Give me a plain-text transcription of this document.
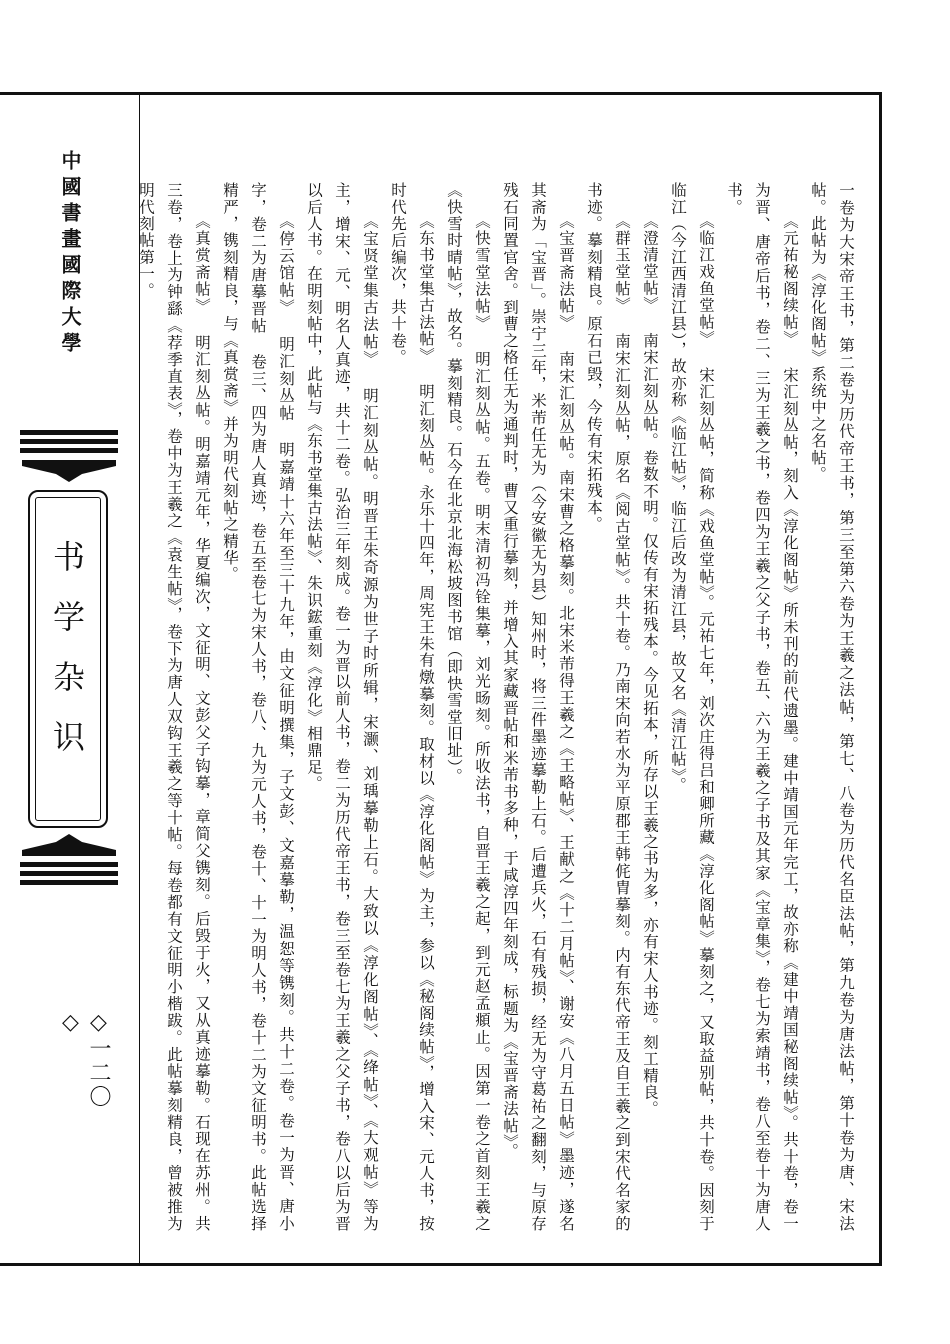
中國書畫國際大學
书学杂识
◇一二〇◇	一卷为大宋帝王书，第二卷为历代帝王书，第三至第六卷为王羲之法帖，第七、八卷为历代名臣法帖，第九卷为唐法帖，第十卷为唐、宋法帖。此帖为《淳化阁帖》系统中之名帖。

《元祐秘阁续帖》 宋汇刻丛帖，刻入《淳化阁帖》所未刊的前代遗墨。建中靖国元年完工，故亦称《建中靖国秘阁续帖》。共十卷，卷一为晋、唐帝后书，卷二、三为王羲之书，卷四为王羲之父子书，卷五、六为王羲之子书及其家《宝章集》，卷七为索靖书，卷八至卷十为唐人书。

《临江戏鱼堂帖》 宋汇刻丛帖，简称《戏鱼堂帖》。元祐七年，刘次庄得吕和卿所藏《淳化阁帖》摹刻之，又取益别帖，共十卷。因刻于临江（今江西清江县），故亦称《临江帖》，临江后改为清江县，故又名《清江帖》。

《澄清堂帖》 南宋汇刻丛帖。卷数不明。仅传有宋拓残本。今见拓本，所存以王羲之书为多，亦有宋人书迹。刻工精良。

《群玉堂帖》 南宋汇刻丛帖，原名《阅古堂帖》。共十卷。乃南宋向若水为平原郡王韩侂胄摹刻。内有东代帝王及自王羲之到宋代名家的书迹。摹刻精良。原石已毁，今传有宋拓残本。

《宝晋斋法帖》 南宋汇刻丛帖。南宋曹之格摹刻。北宋米芾得王羲之《王略帖》、王献之《十二月帖》、谢安《八月五日帖》墨迹，遂名其斋为「宝晋」。崇宁三年，米芾任无为（今安徽无为县）知州时，将三件墨迹摹勒上石。后遭兵火，石有残损，经无为守葛祐之翻刻，与原存残石同置官舍。到曹之格任无为通判时，曹又重行摹刻，并增入其家藏晋帖和米芾书多种，于咸淳四年刻成，标题为《宝晋斋法帖》。

《快雪堂法帖》 明汇刻丛帖。五卷。明末清初冯铨集摹，刘光旸刻。所收法书，自晋王羲之起，到元赵孟頫止。因第一卷之首刻王羲之《快雪时晴帖》，故名。摹刻精良。石今在北京北海松坡图书馆（即快雪堂旧址）。

《东书堂集古法帖》 明汇刻丛帖。永乐十四年，周宪王朱有燉摹刻。取材以《淳化阁帖》为主，参以《秘阁续帖》，增入宋、元人书，按时代先后编次，共十卷。

《宝贤堂集古法帖》 明汇刻丛帖。明晋王朱奇源为世子时所辑，宋灏、刘瑀摹勒上石。大致以《淳化阁帖》、《绛帖》、《大观帖》等为主，增宋、元、明名人真迹，共十二卷。弘治三年刻成。卷一为晋以前人书，卷二为历代帝王书，卷三至卷七为王羲之父子书，卷八以后为晋以后人书。在明刻帖中，此帖与《东书堂集古法帖》、朱识鋐重刻《淳化》相鼎足。

《停云馆帖》 明汇刻丛帖 明嘉靖十六年至三十九年，由文征明撰集，子文彭、文嘉摹勒，温恕等镌刻。共十二卷。卷一为晋、唐小字，卷二为唐摹晋帖 卷三、四为唐人真迹，卷五至卷七为宋人书，卷八、九为元人书，卷十、十一为明人书，卷十二为文征明书。此帖选择精严，镌刻精良，与《真赏斋》并为明代刻帖之精华。

《真赏斋帖》 明汇刻丛帖。明嘉靖元年，华夏编次，文征明、文彭父子钩摹，章简父镌刻。后毁于火，又从真迹摹勒。石现在苏州。共三卷，卷上为钟繇《荐季直表》，卷中为王羲之《袁生帖》，卷下为唐人双钩王羲之等十帖。每卷都有文征明小楷跋。此帖摹刻精良，曾被推为明代刻帖第一。
